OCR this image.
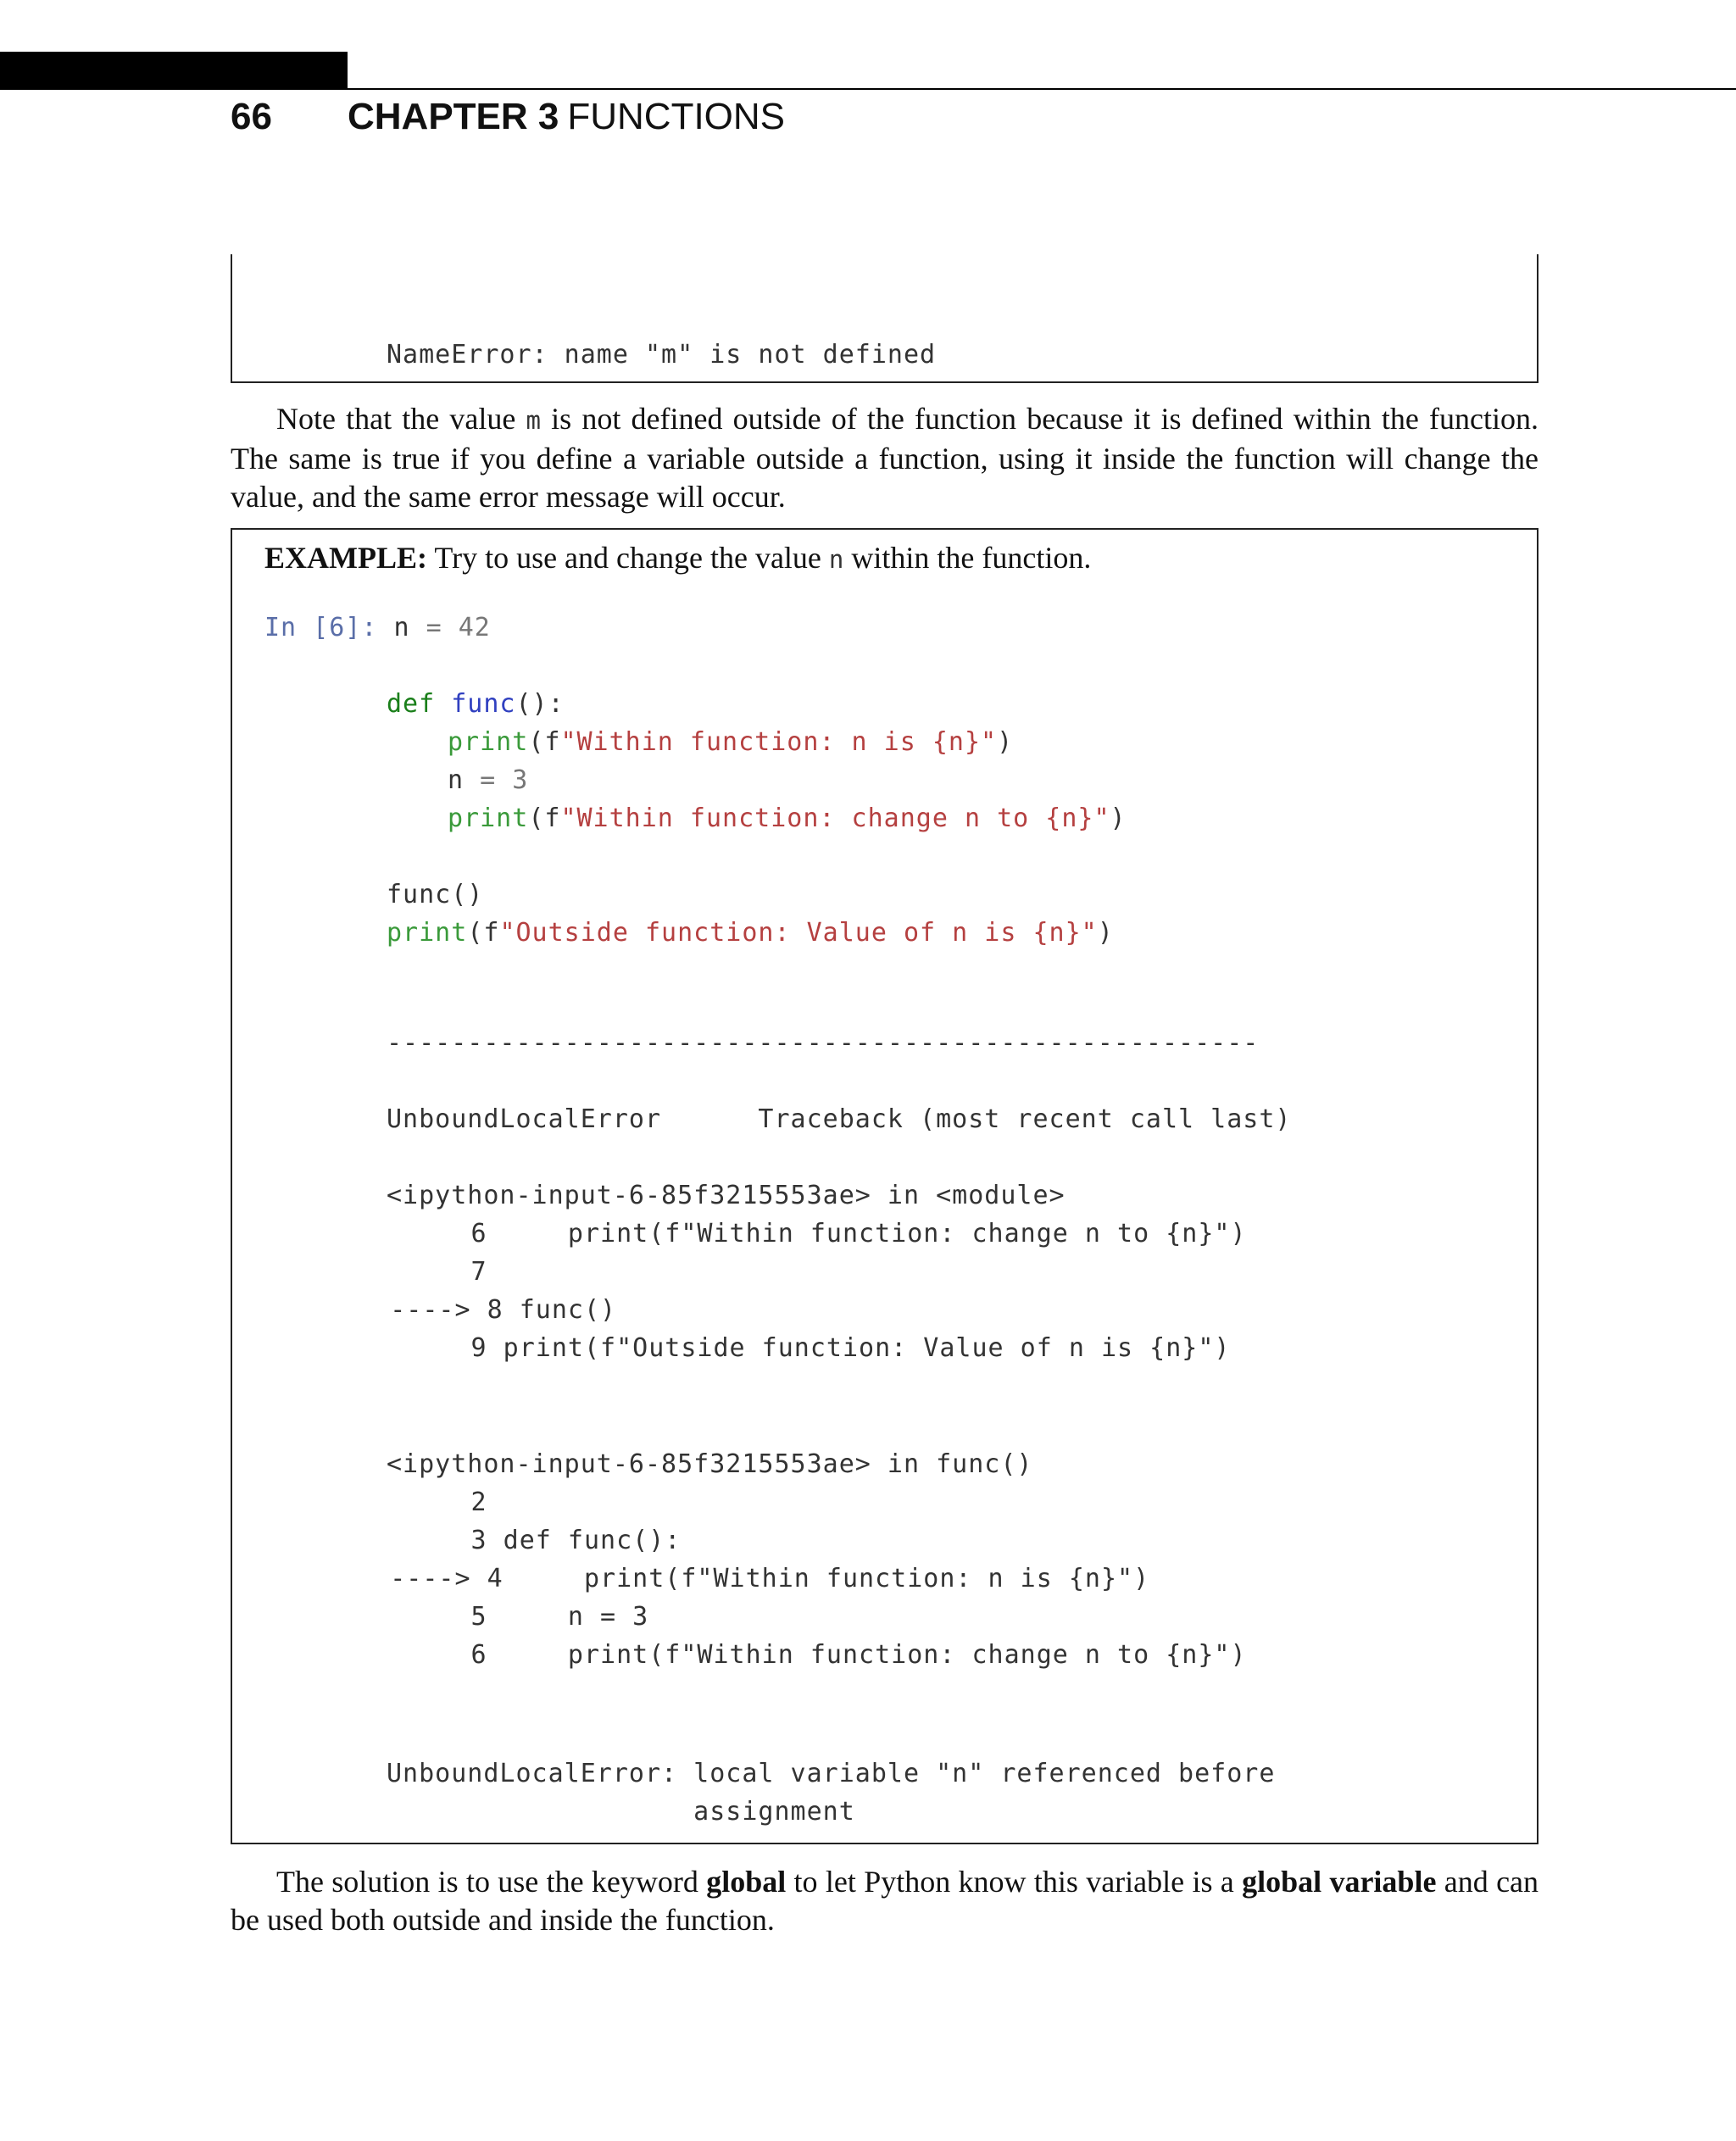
66 CHAPTER 3 FUNCTIONS
NameError: name "m" is not defined

Note that the value m is not defined outside of the function because it is defined within the function. The same is true if you define a variable outside a function, using it inside the function will change the value, and the same error message will occur.

EXAMPLE: Try to use and change the value n within the function.
In [6]: n = 42
def func():
print(f"Within function: n is {n}")
n = 3
print(f"Within function: change n to {n}")
func()
print(f"Outside function: Value of n is {n}")
------------------------------------------------------
UnboundLocalError      Traceback (most recent call last)
<ipython-input-6-85f3215553ae> in <module>
6     print(f"Within function: change n to {n}")
7
----> 8 func()
9 print(f"Outside function: Value of n is {n}")
<ipython-input-6-85f3215553ae> in func()
2
3 def func():
----> 4     print(f"Within function: n is {n}")
5     n = 3
6     print(f"Within function: change n to {n}")
UnboundLocalError: local variable "n" referenced before
assignment

The solution is to use the keyword global to let Python know this variable is a global variable and can be used both outside and inside the function.
